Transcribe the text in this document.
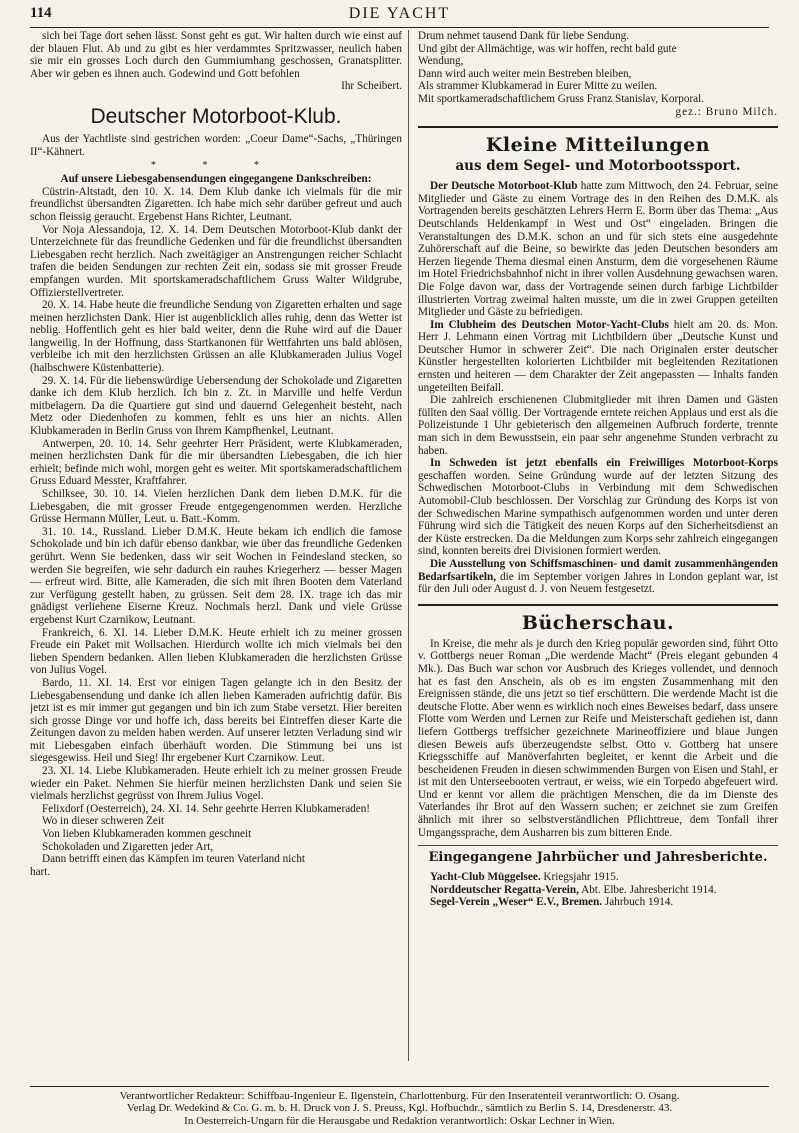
114	DIE YACHT

sich bei Tage dort sehen lässt. Sonst geht es gut. Wir halten durch wie einst auf der blauen Flut. Ab und zu gibt es hier verdammtes Spritzwasser, neulich haben sie mir ein grosses Loch durch den Gummiumhang geschossen, Granatsplitter. Aber wir geben es ihnen auch. Godewind und Gott befohlen

Ihr Scheibert.

Deutscher Motorboot-Klub.

Aus der Yachtliste sind gestrichen worden: „Coeur Dame“-Sachs, „Thüringen II“-Kähnert.

* * *

Auf unsere Liebesgabensendungen eingegangene Dankschreiben:

Cüstrin-Altstadt, den 10. X. 14. Dem Klub danke ich vielmals für die mir freundlichst übersandten Zigaretten. Ich habe mich sehr darüber gefreut und auch schon fleissig geraucht. Ergebenst Hans Richter, Leutnant.

Vor Noja Alessandoja, 12. X. 14. Dem Deutschen Motorboot-Klub dankt der Unterzeichnete für das freundliche Gedenken und für die freundlichst übersandten Liebesgaben recht herzlich. Nach zweitägiger an Anstrengungen reicher Schlacht trafen die beiden Sendungen zur rechten Zeit ein, sodass sie mit grosser Freude empfangen wurden. Mit sportskameradschaftlichem Gruss Walter Wildgrube, Offizierstellvertreter.

20. X. 14. Habe heute die freundliche Sendung von Zigaretten erhalten und sage meinen herzlichsten Dank. Hier ist augenblicklich alles ruhig, denn das Wetter ist neblig. Hoffentlich geht es hier bald weiter, denn die Ruhe wird auf die Dauer langweilig. In der Hoffnung, dass Startkanonen für Wettfahrten uns bald ablösen, verbleibe ich mit den herzlichsten Grüssen an alle Klubkameraden Julius Vogel (halbschwere Küstenbatterie).

29. X. 14. Für die liebenswürdige Uebersendung der Schokolade und Zigaretten danke ich dem Klub herzlich. Ich bin z. Zt. in Marville und helfe Verdun mitbelagern. Da die Quartiere gut sind und dauernd Gelegenheit besteht, nach Metz oder Diedenhofen zu kommen, fehlt es uns hier an nichts. Allen Klubkameraden in Berlin Gruss von Ihrem Kampfhenkel, Leutnant.

Antwerpen, 20. 10. 14. Sehr geehrter Herr Präsident, werte Klubkameraden, meinen herzlichsten Dank für die mir übersandten Liebesgaben, die ich hier erhielt; befinde mich wohl, morgen geht es weiter. Mit sportskameradschaftlichem Gruss Eduard Messter, Kraftfahrer.

Schilksee, 30. 10. 14. Vielen herzlichen Dank dem lieben D.M.K. für die Liebesgaben, die mit grosser Freude entgegengenommen werden. Herzliche Grüsse Hermann Müller, Leut. u. Batt.-Komm.

31. 10. 14., Russland. Lieber D.M.K. Heute bekam ich endlich die famose Schokolade und bin ich dafür ebenso dankbar, wie über das freundliche Gedenken gerührt. Wenn Sie bedenken, dass wir seit Wochen in Feindesland stecken, so werden Sie begreifen, wie sehr dadurch ein rauhes Kriegerherz — besser Magen — erfreut wird. Bitte, alle Kameraden, die sich mit ihren Booten dem Vaterland zur Verfügung gestellt haben, zu grüssen. Seit dem 28. IX. trage ich das mir gnädigst verliehene Eiserne Kreuz. Nochmals herzl. Dank und viele Grüsse ergebenst Kurt Czarnikow, Leutnant.

Frankreich, 6. XI. 14. Lieber D.M.K. Heute erhielt ich zu meiner grossen Freude ein Paket mit Wollsachen. Hierdurch wollte ich mich vielmals bei den lieben Spendern bedanken. Allen lieben Klubkameraden die herzlichsten Grüsse von Julius Vogel.

Bardo, 11. XI. 14. Erst vor einigen Tagen gelangte ich in den Besitz der Liebesgabensendung und danke ich allen lieben Kameraden aufrichtig dafür. Bis jetzt ist es mir immer gut gegangen und bin ich zum Stabe versetzt. Hier bereiten sich grosse Dinge vor und hoffe ich, dass bereits bei Eintreffen dieser Karte die Zeitungen davon zu melden haben werden. Auf unserer letzten Verladung sind wir mit Liebesgaben einfach überhäuft worden. Die Stimmung bei uns ist siegesgewiss. Heil und Sieg! Ihr ergebener Kurt Czarnikow. Leut.

23. XI. 14. Liebe Klubkameraden. Heute erhielt ich zu meiner grossen Freude wieder ein Paket. Nehmen Sie hierfür meinen herzlichsten Dank und seien Sie vielmals herzlichst gegrüsst von Ihrem Julius Vogel.

Felixdorf (Oesterreich), 24. XI. 14. Sehr geehrte Herren Klubkameraden!

Wo in dieser schweren Zeit

Von lieben Klubkameraden kommen geschneit

Schokoladen und Zigaretten jeder Art,

Dann betrifft einen das Kämpfen im teuren Vaterland nicht

hart.

Drum nehmet tausend Dank für liebe Sendung.

Und gibt der Allmächtige, was wir hoffen, recht bald gute

Wendung,

Dann wird auch weiter mein Bestreben bleiben,

Als strammer Klubkamerad in Eurer Mitte zu weilen.

Mit sportkameradschaftlichem Gruss Franz Stanislav, Korporal.

gez.: Bruno Milch.

Kleine Mitteilungen
aus dem Segel- und Motorbootssport.

Der Deutsche Motorboot-Klub hatte zum Mittwoch, den 24. Februar, seine Mitglieder und Gäste zu einem Vortrage des in den Reihen des D.M.K. als Vortragenden bereits geschätzten Lehrers Herrn E. Borm über das Thema: „Aus Deutschlands Heldenkampf in West und Ost“ eingeladen. Bringen die Veranstaltungen des D.M.K. schon an und für sich stets eine ausgedehnte Zuhörerschaft auf die Beine, so bewirkte das jeden Deutschen besonders am Herzen liegende Thema diesmal einen Ansturm, dem die vorgesehenen Räume im Hotel Friedrichsbahnhof nicht in ihrer vollen Ausdehnung gewachsen waren. Die Folge davon war, dass der Vortragende seinen durch farbige Lichtbilder illustrierten Vortrag zweimal halten musste, um die in zwei Gruppen geteilten Mitglieder und Gäste zu befriedigen.

Im Clubheim des Deutschen Motor-Yacht-Clubs hielt am 20. ds. Mon. Herr J. Lehmann einen Vortrag mit Lichtbildern über „Deutsche Kunst und Deutscher Humor in schwerer Zeit“. Die nach Originalen erster deutscher Künstler hergestellten kolorierten Lichtbilder mit begleitenden Rezitationen ernsten und heiteren — dem Charakter der Zeit angepassten — Inhalts fanden ungeteilten Beifall.

Die zahlreich erschienenen Clubmitglieder mit ihren Damen und Gästen füllten den Saal völlig. Der Vortragende erntete reichen Applaus und erst als die Polizeistunde 1 Uhr gebieterisch den allgemeinen Aufbruch forderte, trennte man sich in dem Bewusstsein, ein paar sehr angenehme Stunden verbracht zu haben.

In Schweden ist jetzt ebenfalls ein Freiwilliges Motorboot-Korps geschaffen worden. Seine Gründung wurde auf der letzten Sitzung des Schwedischen Motorboot-Clubs in Verbindung mit dem Schwedischen Automobil-Club beschlossen. Der Vorschlag zur Gründung des Korps ist von der Schwedischen Marine sympathisch aufgenommen worden und unter deren Führung wird sich die Tätigkeit des neuen Korps auf den Sicherheitsdienst an der Küste erstrecken. Da die Meldungen zum Korps sehr zahlreich eingegangen sind, konnten bereits drei Divisionen formiert werden.

Die Ausstellung von Schiffsmaschinen- und damit zusammenhängenden Bedarfsartikeln, die im September vorigen Jahres in London geplant war, ist für den Juli oder August d. J. von Neuem festgesetzt.

Bücherschau.

In Kreise, die mehr als je durch den Krieg populär geworden sind, führt Otto v. Gottbergs neuer Roman „Die werdende Macht“ (Preis elegant gebunden 4 Mk.). Das Buch war schon vor Ausbruch des Krieges vollendet, und dennoch hat es fast den Anschein, als ob es im engsten Zusammenhang mit den Ereignissen stände, die uns jetzt so tief erschüttern. Die werdende Macht ist die deutsche Flotte. Aber wenn es wirklich noch eines Beweises bedarf, dass unsere Flotte vom Werden und Lernen zur Reife und Meisterschaft gediehen ist, dann liefern Gottbergs treffsicher gezeichnete Marineoffiziere und blaue Jungen diesen Beweis aufs überzeugendste selbst. Otto v. Gottberg hat unsere Kriegsschiffe auf Manöverfahrten begleitet, er kennt die Arbeit und die bescheidenen Freuden in diesen schwimmenden Burgen von Eisen und Stahl, er ist mit den Unterseebooten vertraut, er weiss, wie ein Torpedo abgefeuert wird. Und er kennt vor allem die prächtigen Menschen, die da im Dienste des Vaterlandes ihr Brot auf den Wassern suchen; er zeichnet sie zum Greifen ähnlich mit ihrer so selbstverständlichen Pflichttreue, dem Tonfall ihrer Umgangssprache, dem Ausharren bis zum bitteren Ende.

Eingegangene Jahrbücher und Jahresberichte.

Yacht-Club Müggelsee. Kriegsjahr 1915.

Norddeutscher Regatta-Verein, Abt. Elbe. Jahresbericht 1914.

Segel-Verein „Weser“ E.V., Bremen. Jahrbuch 1914.

Verantwortlicher Redakteur: Schiffbau-Ingenieur E. Ilgenstein, Charlottenburg. Für den Inseratenteil verantwortlich: O. Osang.

Verlag Dr. Wedekind & Co. G. m. b. H. Druck von J. S. Preuss, Kgl. Hofbuchdr., sämtlich zu Berlin S. 14, Dresdenerstr. 43.

In Oesterreich-Ungarn für die Herausgabe und Redaktion verantwortlich: Oskar Lechner in Wien.
